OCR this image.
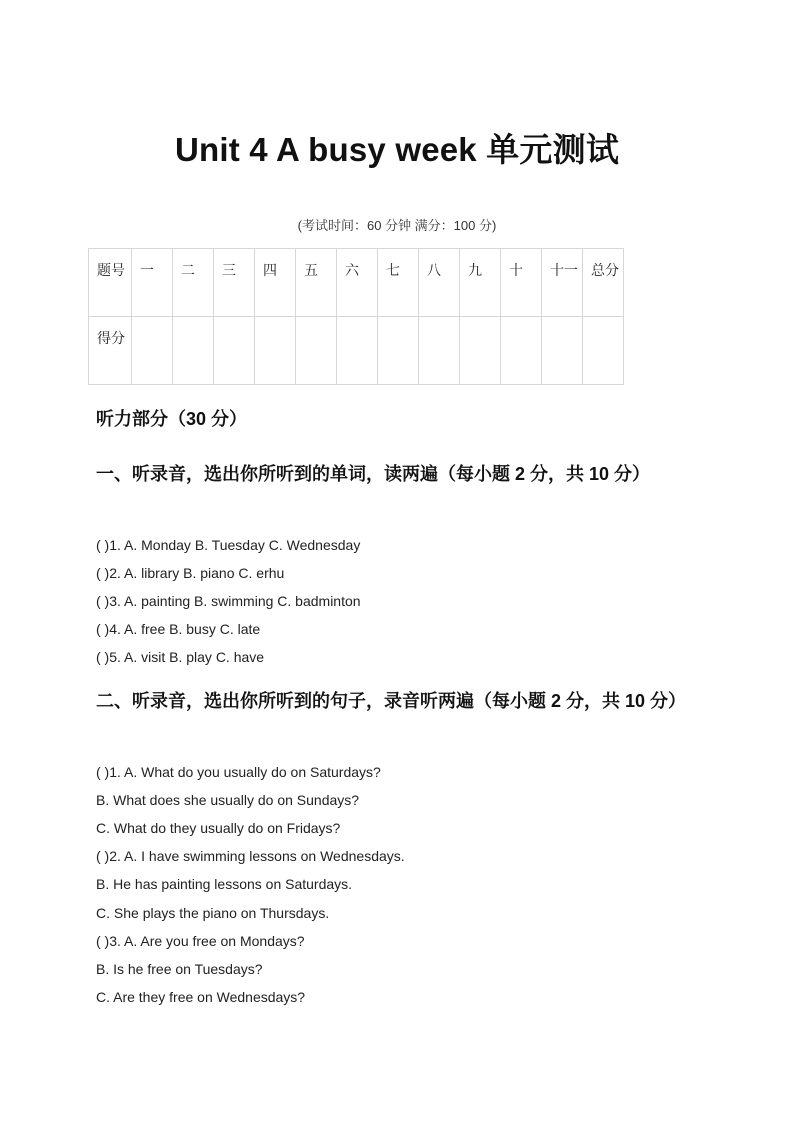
Unit 4 A busy week 单元测试
(考试时间：60 分钟 满分：100 分)
题号	一	二	三	四	五	六	七	八	九	十	十一	总分
得分												
听力部分（30 分）
一、听录音，选出你所听到的单词，读两遍（每小题 2 分，共 10 分）
( )1. A. Monday B. Tuesday C. Wednesday
( )2. A. library B. piano C. erhu
( )3. A. painting B. swimming C. badminton
( )4. A. free B. busy C. late
( )5. A. visit B. play C. have
二、听录音，选出你所听到的句子，录音听两遍（每小题 2 分，共 10 分）
( )1. A. What do you usually do on Saturdays?
B. What does she usually do on Sundays?
C. What do they usually do on Fridays?
( )2. A. I have swimming lessons on Wednesdays.
B. He has painting lessons on Saturdays.
C. She plays the piano on Thursdays.
( )3. A. Are you free on Mondays?
B. Is he free on Tuesdays?
C. Are they free on Wednesdays?
